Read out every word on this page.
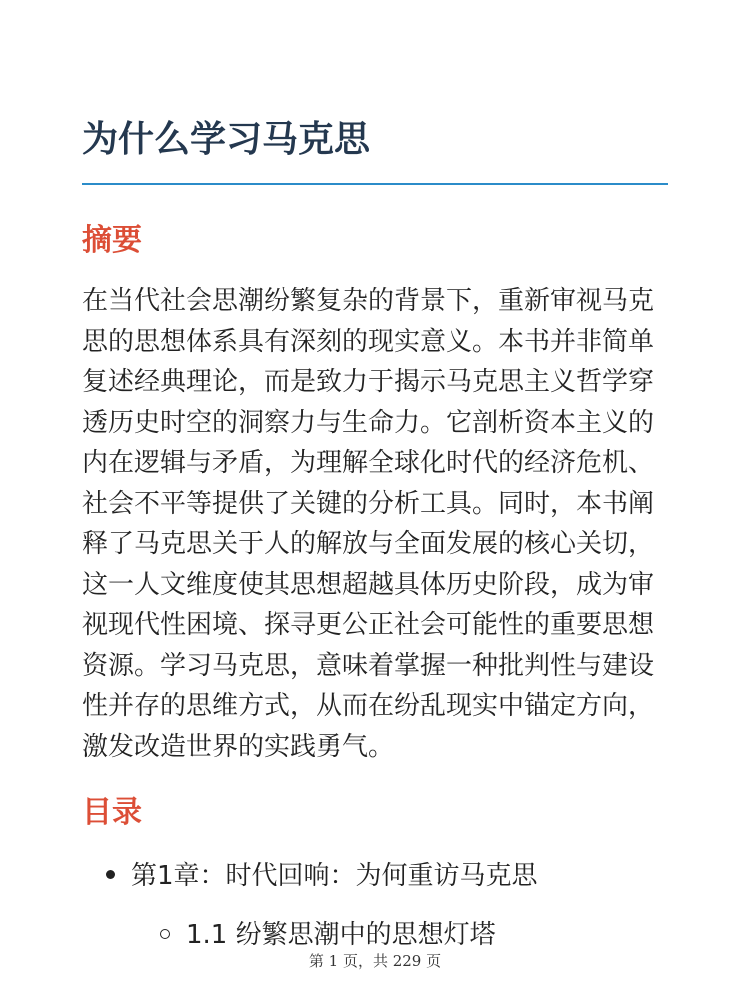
为什么学习马克思
摘要
在当代社会思潮纷繁复杂的背景下，重新审视马克
思的思想体系具有深刻的现实意义。本书并非简单
复述经典理论，而是致力于揭示马克思主义哲学穿
透历史时空的洞察力与生命力。它剖析资本主义的
内在逻辑与矛盾，为理解全球化时代的经济危机、
社会不平等提供了关键的分析工具。同时，本书阐
释了马克思关于人的解放与全面发展的核心关切，
这一人文维度使其思想超越具体历史阶段，成为审
视现代性困境、探寻更公正社会可能性的重要思想
资源。学习马克思，意味着掌握一种批判性与建设
性并存的思维方式，从而在纷乱现实中锚定方向，
激发改造世界的实践勇气。
目录
第1章：时代回响：为何重访马克思
1.1 纷繁思潮中的思想灯塔
第 1 页，共 229 页
